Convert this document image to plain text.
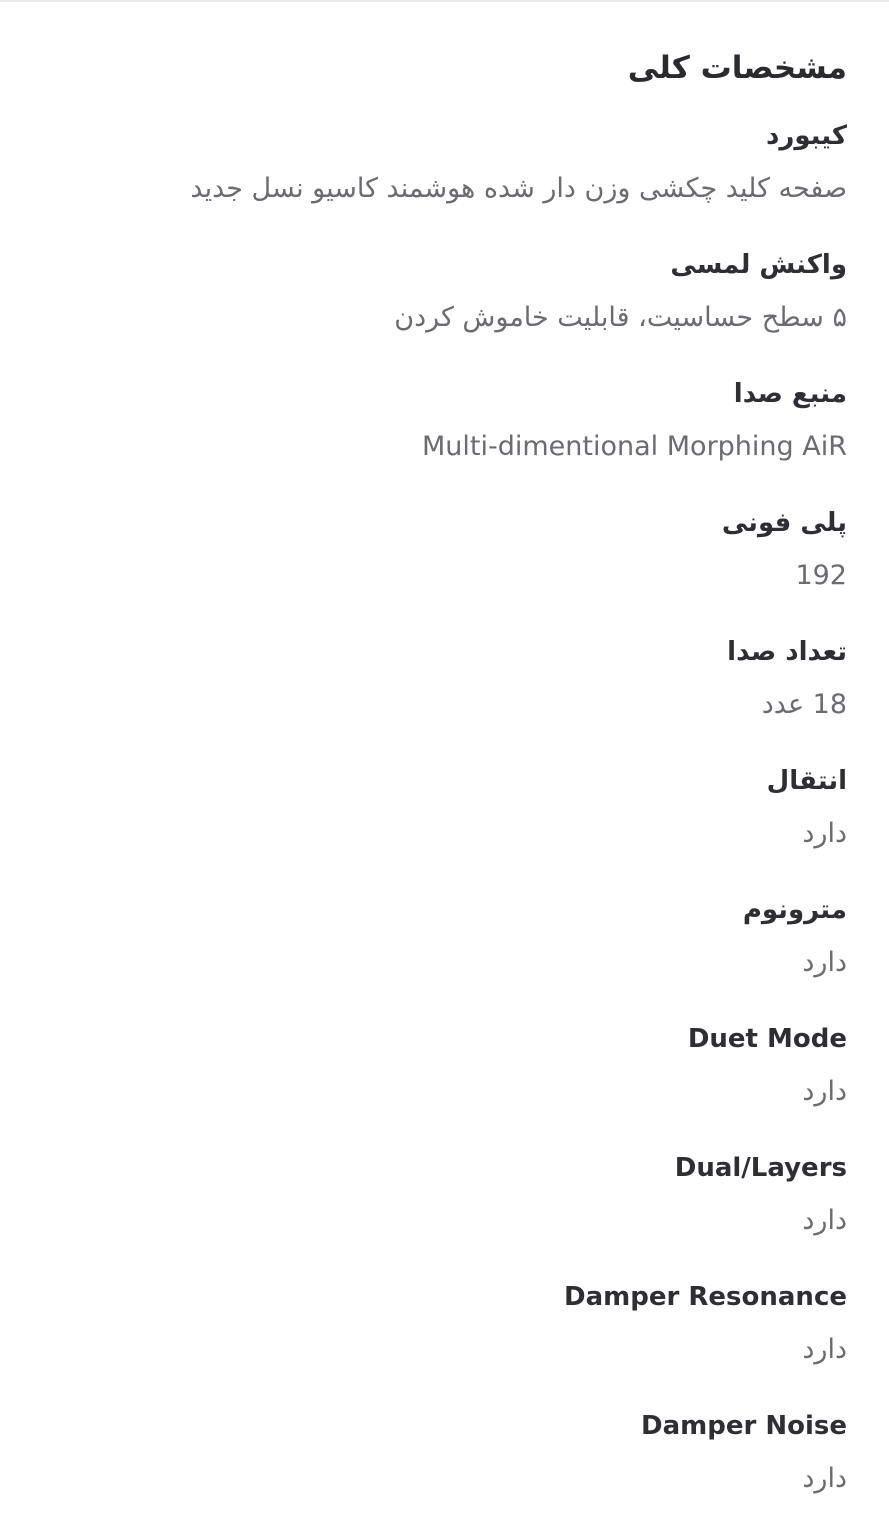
مشخصات کلی
کیبورد
صفحه کلید چکشی وزن دار شده هوشمند کاسیو نسل جدید
واکنش لمسی
۵ سطح حساسیت، قابلیت خاموش کردن
منبع صدا
Multi-dimentional Morphing AiR
پلی فونی
192
تعداد صدا
18 عدد
انتقال
دارد
مترونوم
دارد
Duet Mode
دارد
Dual/Layers
دارد
Damper Resonance
دارد
Damper Noise
دارد
